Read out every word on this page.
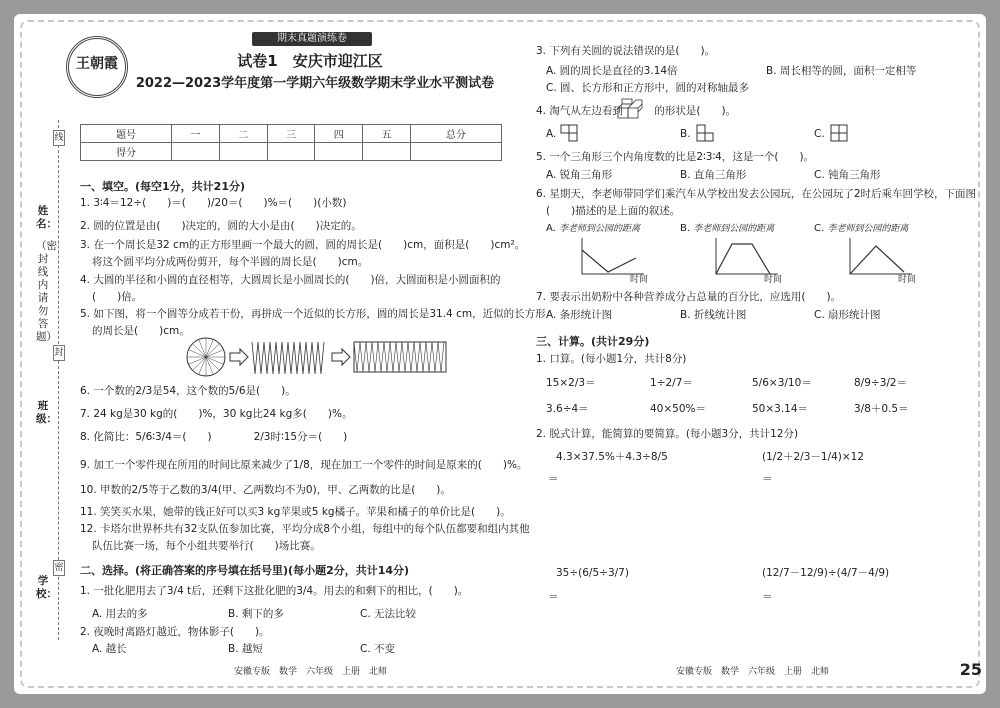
姓名：
（密封线内请勿答题）
班级：
学校：
线
封
密
王朝霞
期末真题演练卷
试卷1　安庆市迎江区
2022—2023学年度第一学期六年级数学期末学业水平测试卷
题号	一	二	三	四	五	总分
得分						
一、填空。(每空1分，共计21分)
1. 3∶4＝12÷(　　)＝(　　)/20＝(　　)%＝(　　)(小数)
2. 圆的位置是由(　　)决定的，圆的大小是由(　　)决定的。
3. 在一个周长是32 cm的正方形里画一个最大的圆，圆的周长是(　　)cm，面积是(　　)cm²。
将这个圆平均分成两份剪开，每个半圆的周长是(　　)cm。
4. 大圆的半径和小圆的直径相等，大圆周长是小圆周长的(　　)倍，大圆面积是小圆面积的
(　　)倍。
5. 如下图，将一个圆等分成若干份，再拼成一个近似的长方形，圆的周长是31.4 cm，近似的长方形
的周长是(　　)cm。
6. 一个数的2/3是54，这个数的5/6是(　　)。
7. 24 kg是30 kg的(　　)%，30 kg比24 kg多(　　)%。
8. 化简比：5/6∶3/4＝(　　)　　　　2/3时∶15分＝(　　)
9. 加工一个零件现在所用的时间比原来减少了1/8，现在加工一个零件的时间是原来的(　　)%。
10. 甲数的2/5等于乙数的3/4(甲、乙两数均不为0)，甲、乙两数的比是(　　)。
11. 笑笑买水果，她带的钱正好可以买3 kg苹果或5 kg橘子。苹果和橘子的单价比是(　　)。
12. 卡塔尔世界杯共有32支队伍参加比赛，平均分成8个小组，每组中的每个队伍都要和组内其他
队伍比赛一场，每个小组共要举行(　　)场比赛。
二、选择。(将正确答案的序号填在括号里)(每小题2分，共计14分)
1. 一批化肥用去了3/4 t后，还剩下这批化肥的3/4。用去的和剩下的相比，(　　)。
A. 用去的多	B. 剩下的多	C. 无法比较
2. 夜晚时离路灯越近，物体影子(　　)。
A. 越长	B. 越短	C. 不变
3. 下列有关圆的说法错误的是(　　)。
A. 圆的周长是直径的3.14倍	B. 周长相等的圆，面积一定相等
C. 圆、长方形和正方形中，圆的对称轴最多
4. 淘气从左边看到　　　的形状是(　　)。
A.	B.	C.
5. 一个三角形三个内角度数的比是2∶3∶4，这是一个(　　)。
A. 锐角三角形	B. 直角三角形	C. 钝角三角形
6. 星期天，李老师带同学们乘汽车从学校出发去公园玩，在公园玩了2时后乘车回学校，下面图
(　　)描述的是上面的叙述。
A. 李老师到公园的距离
时间
B. 李老师到公园的距离
时间
C. 李老师到公园的距离
时间
7. 要表示出奶粉中各种营养成分占总量的百分比，应选用(　　)。
A. 条形统计图	B. 折线统计图	C. 扇形统计图
三、计算。(共计29分)
1. 口算。(每小题1分，共计8分)
15×2/3＝	1÷2/7＝	5/6×3/10＝	8/9÷3/2＝
3.6÷4＝	40×50%＝	50×3.14＝	3/8＋0.5＝
2. 脱式计算，能简算的要简算。(每小题3分，共计12分)
4.3×37.5%＋4.3÷8/5	(1/2＋2/3－1/4)×12
＝	＝
35÷(6/5÷3/7)	(12/7－12/9)÷(4/7－4/9)
＝	＝
安徽专版　数学　六年级　上册　北师	安徽专版　数学　六年级　上册　北师	25
